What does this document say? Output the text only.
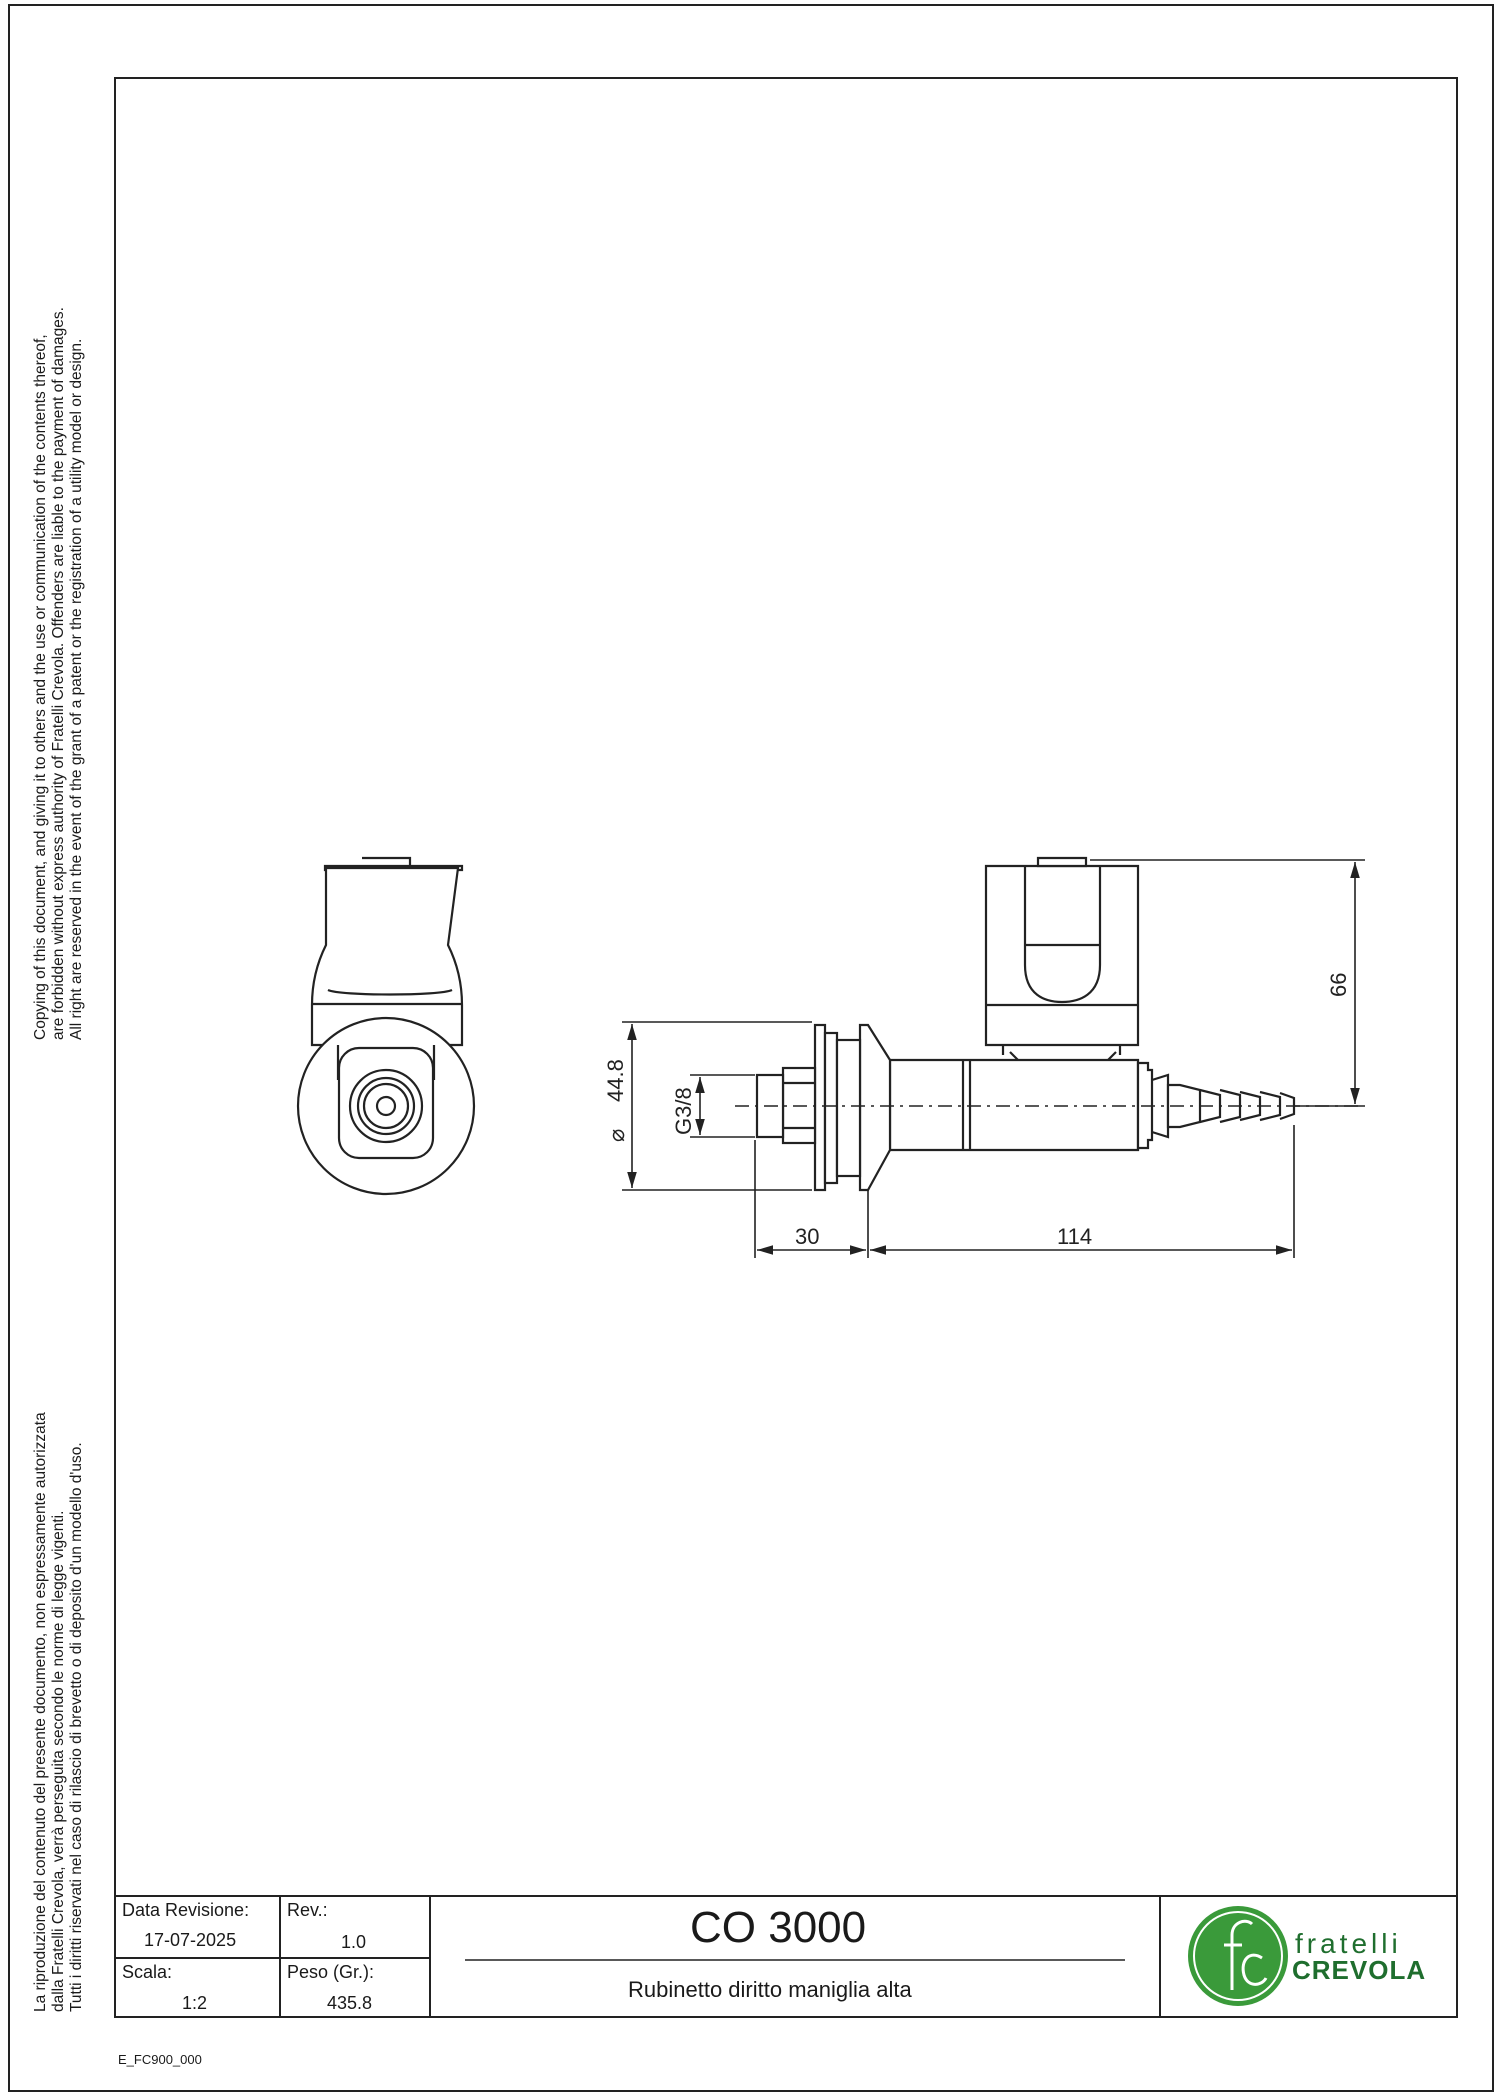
Copying of this document, and giving it to others and the use or communication of the contents thereof, are forbidden without express authority of Fratelli Crevola. Offenders are liable to the payment of damages. All right are reserved in the event of the grant of a patent or the registration of a utility model or design.
La riproduzione del contenuto del presente documento, non espressamente autorizzata dalla Fratelli Crevola, verrà perseguita secondo le norme di legge vigenti. Tutti i diritti riservati nel caso di rilascio di brevetto o di deposito d'un modello d'uso.
66
44.8
⌀
G3/8
30	114
Data Revisione:
17-07-2025
Rev.:
1.0
Scala:
1:2
Peso (Gr.):
435.8
CO 3000
Rubinetto diritto maniglia alta
fratelli
CREVOLA
E_FC900_000
